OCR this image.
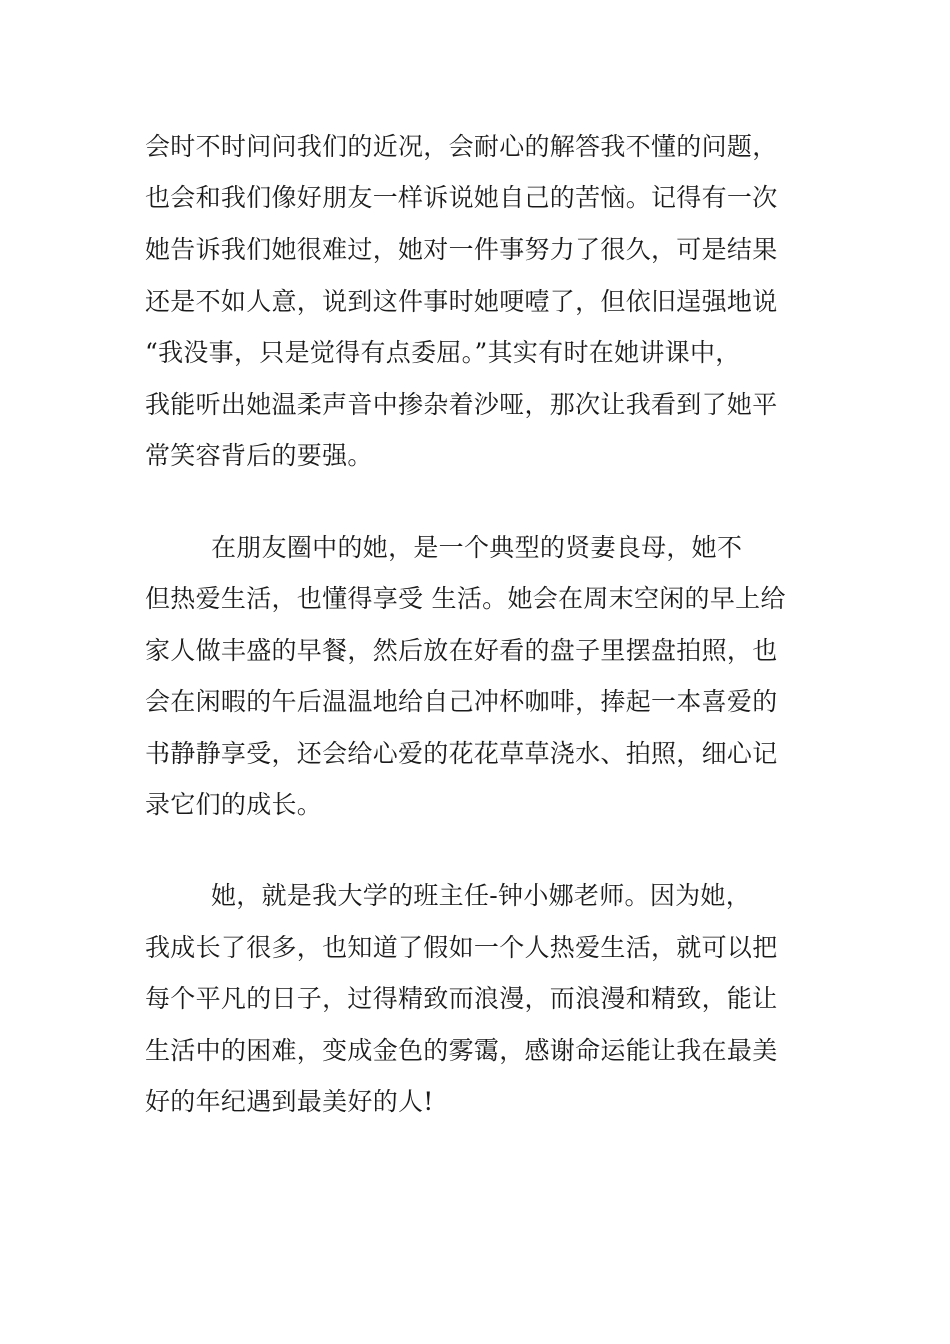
会时不时问问我们的近况，会耐心的解答我不懂的问题，
也会和我们像好朋友一样诉说她自己的苦恼。记得有一次
她告诉我们她很难过，她对一件事努力了很久，可是结果
还是不如人意，说到这件事时她哽噎了，但依旧逞强地说
“我没事，只是觉得有点委屈。”其实有时在她讲课中，
我能听出她温柔声音中掺杂着沙哑，那次让我看到了她平
常笑容背后的要强。
在朋友圈中的她，是一个典型的贤妻良母，她不
但热爱生活，也懂得享受 生活。她会在周末空闲的早上给
家人做丰盛的早餐，然后放在好看的盘子里摆盘拍照，也
会在闲暇的午后温温地给自己冲杯咖啡，捧起一本喜爱的
书静静享受，还会给心爱的花花草草浇水、拍照，细心记
录它们的成长。
她，就是我大学的班主任-钟小娜老师。因为她，
我成长了很多，也知道了假如一个人热爱生活，就可以把
每个平凡的日子，过得精致而浪漫，而浪漫和精致，能让
生活中的困难，变成金色的雾霭，感谢命运能让我在最美
好的年纪遇到最美好的人!
